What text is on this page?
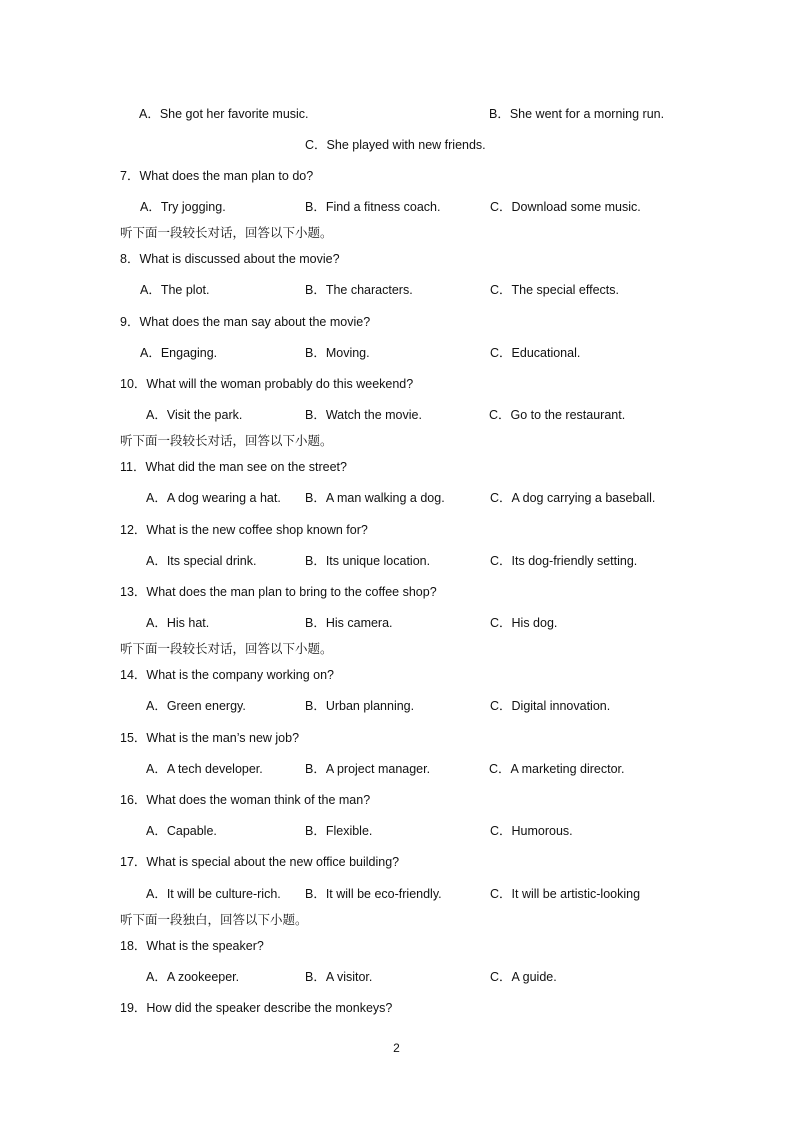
A．She got her favorite music.	B．She went for a morning run.
C．She played with new friends.
7．What does the man plan to do?
A．Try jogging.	B．Find a fitness coach.	C．Download some music.
听下面一段较长对话，回答以下小题。
8．What is discussed about the movie?
A．The plot.	B．The characters.	C．The special effects.
9．What does the man say about the movie?
A．Engaging.	B．Moving.	C．Educational.
10．What will the woman probably do this weekend?
A．Visit the park.	B．Watch the movie.	C．Go to the restaurant.
听下面一段较长对话，回答以下小题。
11．What did the man see on the street?
A．A dog wearing a hat. B．A man walking a dog.	C．A dog carrying a baseball.
12．What is the new coffee shop known for?
A．Its special drink.	B．Its unique location.	C．Its dog-friendly setting.
13．What does the man plan to bring to the coffee shop?
A．His hat.	B．His camera.	C．His dog.
听下面一段较长对话，回答以下小题。
14．What is the company working on?
A．Green energy.	B．Urban planning.	C．Digital innovation.
15．What is the man’s new job?
A．A tech developer.	B．A project manager.	C．A marketing director.
16．What does the woman think of the man?
A．Capable.	B．Flexible.	C．Humorous.
17．What is special about the new office building?
A．It will be culture-rich. B．It will be eco-friendly.	C．It will be artistic-looking
听下面一段独白，回答以下小题。
18．What is the speaker?
A．A zookeeper.	B．A visitor.	C．A guide.
19．How did the speaker describe the monkeys?
2
